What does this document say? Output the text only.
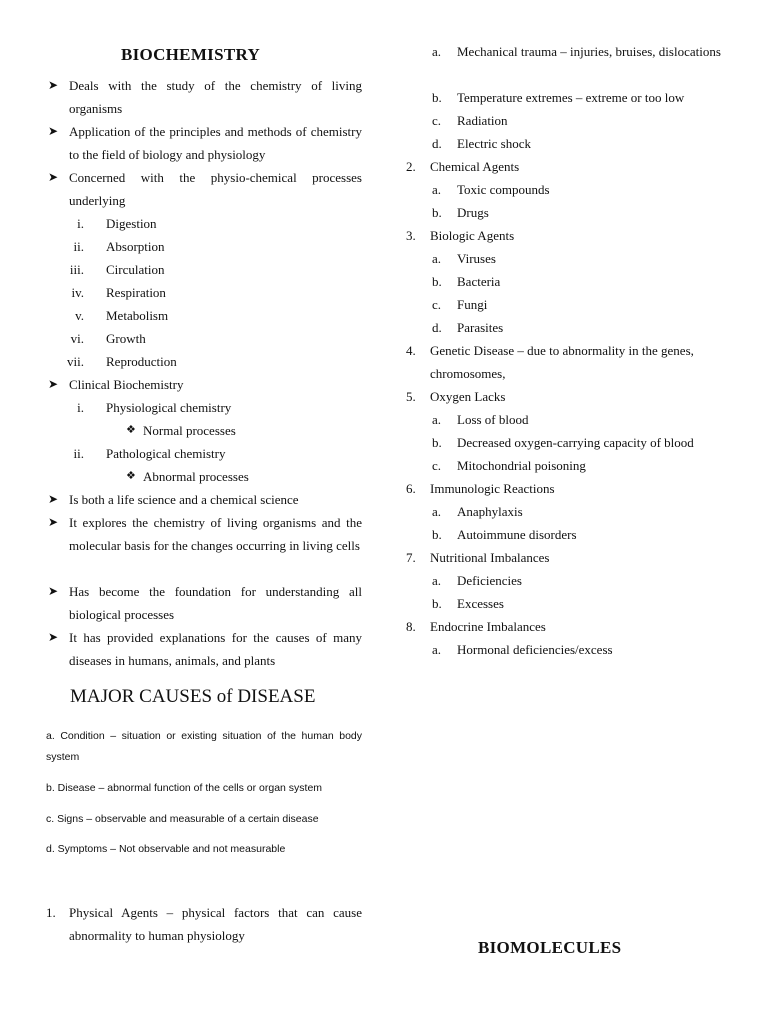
BIOCHEMISTRY
➤ Deals with the study of the chemistry of living organisms
➤ Application of the principles and methods of chemistry to the field of biology and physiology
➤ Concerned with the physio-chemical processes underlying
i. Digestion
ii. Absorption
iii. Circulation
iv. Respiration
v. Metabolism
vi. Growth
vii. Reproduction
➤ Clinical Biochemistry
i. Physiological chemistry
❖ Normal processes
ii. Pathological chemistry
❖ Abnormal processes
➤ Is both a life science and a chemical science
➤ It explores the chemistry of living organisms and the molecular basis for the changes occurring in living cells
➤ Has become the foundation for understanding all biological processes
➤ It has provided explanations for the causes of many diseases in humans, animals, and plants
MAJOR CAUSES of DISEASE
a. Condition – situation or existing situation of the human body system
b. Disease – abnormal function of the cells or organ system
c. Signs – observable and measurable of a certain disease
d. Symptoms – Not observable and not measurable
1. Physical Agents – physical factors that can cause abnormality to human physiology
BIOMOLECULES
a. Mechanical trauma – injuries, bruises, dislocations
b. Temperature extremes – extreme or too low
c. Radiation
d. Electric shock
2. Chemical Agents
a. Toxic compounds
b. Drugs
3. Biologic Agents
a. Viruses
b. Bacteria
c. Fungi
d. Parasites
4. Genetic Disease – due to abnormality in the genes,
chromosomes,
5. Oxygen Lacks
a. Loss of blood
b. Decreased oxygen-carrying capacity of blood
c. Mitochondrial poisoning
6. Immunologic Reactions
a. Anaphylaxis
b. Autoimmune disorders
7. Nutritional Imbalances
a. Deficiencies
b. Excesses
8. Endocrine Imbalances
a. Hormonal deficiencies/excess
